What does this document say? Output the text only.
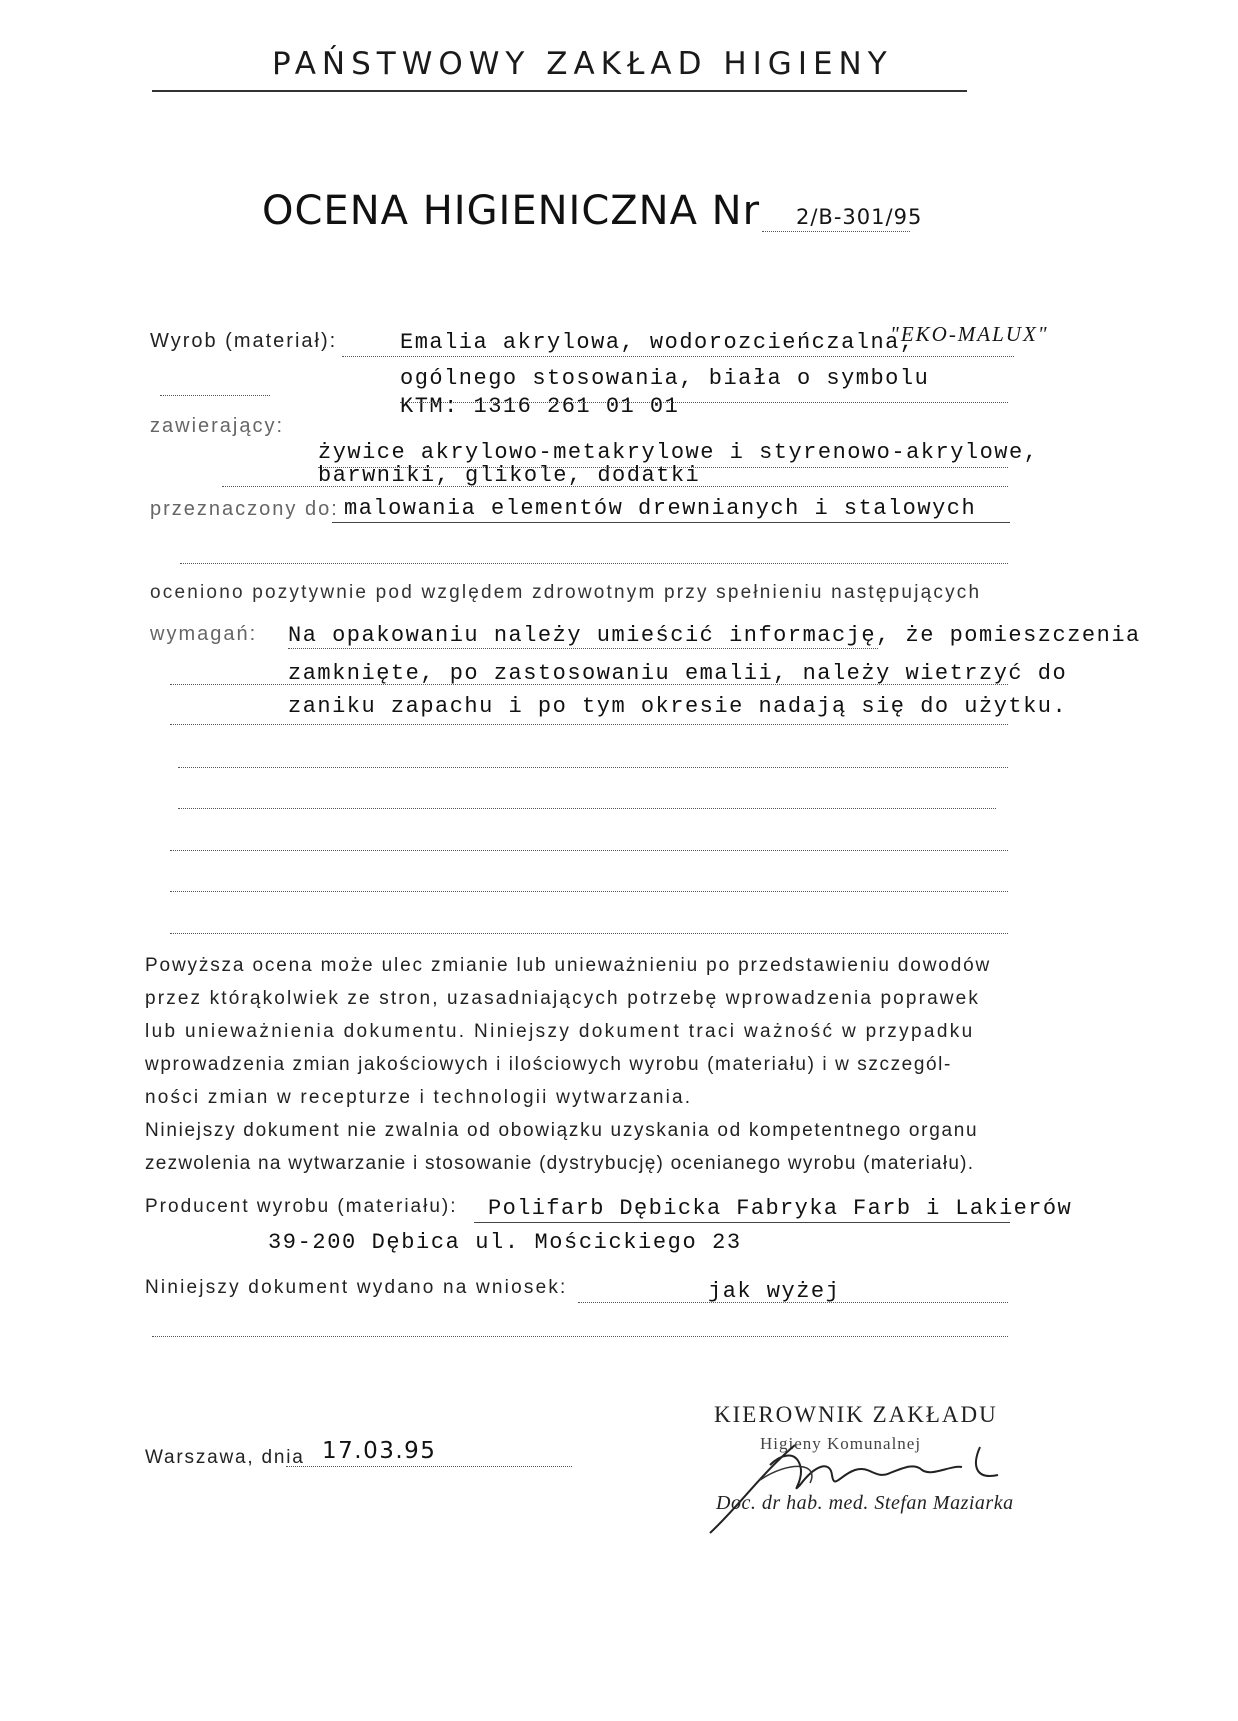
PAŃSTWOWY ZAKŁAD HIGIENY
OCENA HIGIENICZNA Nr 2/B-301/95
Wyrob (materiał):	Emalia akrylowa, wodorozcieńczalna,
"EKO-MALUX"
ogólnego stosowania, biała o symbolu
KTM: 1316 261 01 01
zawierający:
żywice akrylowo-metakrylowe i styrenowo-akrylowe,
barwniki, glikole, dodatki
przeznaczony do: malowania elementów drewnianych i stalowych
oceniono pozytywnie pod względem zdrowotnym przy spełnieniu następujących
wymagań: Na opakowaniu należy umieścić informację, że pomieszczenia
zamknięte, po zastosowaniu emalii, należy wietrzyć do
zaniku zapachu i po tym okresie nadają się do użytku.
Powyższa ocena może ulec zmianie lub unieważnieniu po przedstawieniu dowodów
przez którąkolwiek ze stron, uzasadniających potrzebę wprowadzenia poprawek
lub unieważnienia dokumentu. Niniejszy dokument traci ważność w przypadku
wprowadzenia zmian jakościowych i ilościowych wyrobu (materiału) i w szczegól-
ności zmian w recepturze i technologii wytwarzania.
Niniejszy dokument nie zwalnia od obowiązku uzyskania od kompetentnego organu
zezwolenia na wytwarzanie i stosowanie (dystrybucję) ocenianego wyrobu (materiału).
Producent wyrobu (materiału): Polifarb Dębicka Fabryka Farb i Lakierów
39-200 Dębica ul. Mościckiego 23
Niniejszy dokument wydano na wniosek:	jak wyżej
KIEROWNIK ZAKŁADU
Higieny Komunalnej
Doc. dr hab. med. Stefan Maziarka
Warszawa, dnia 17.03.95
